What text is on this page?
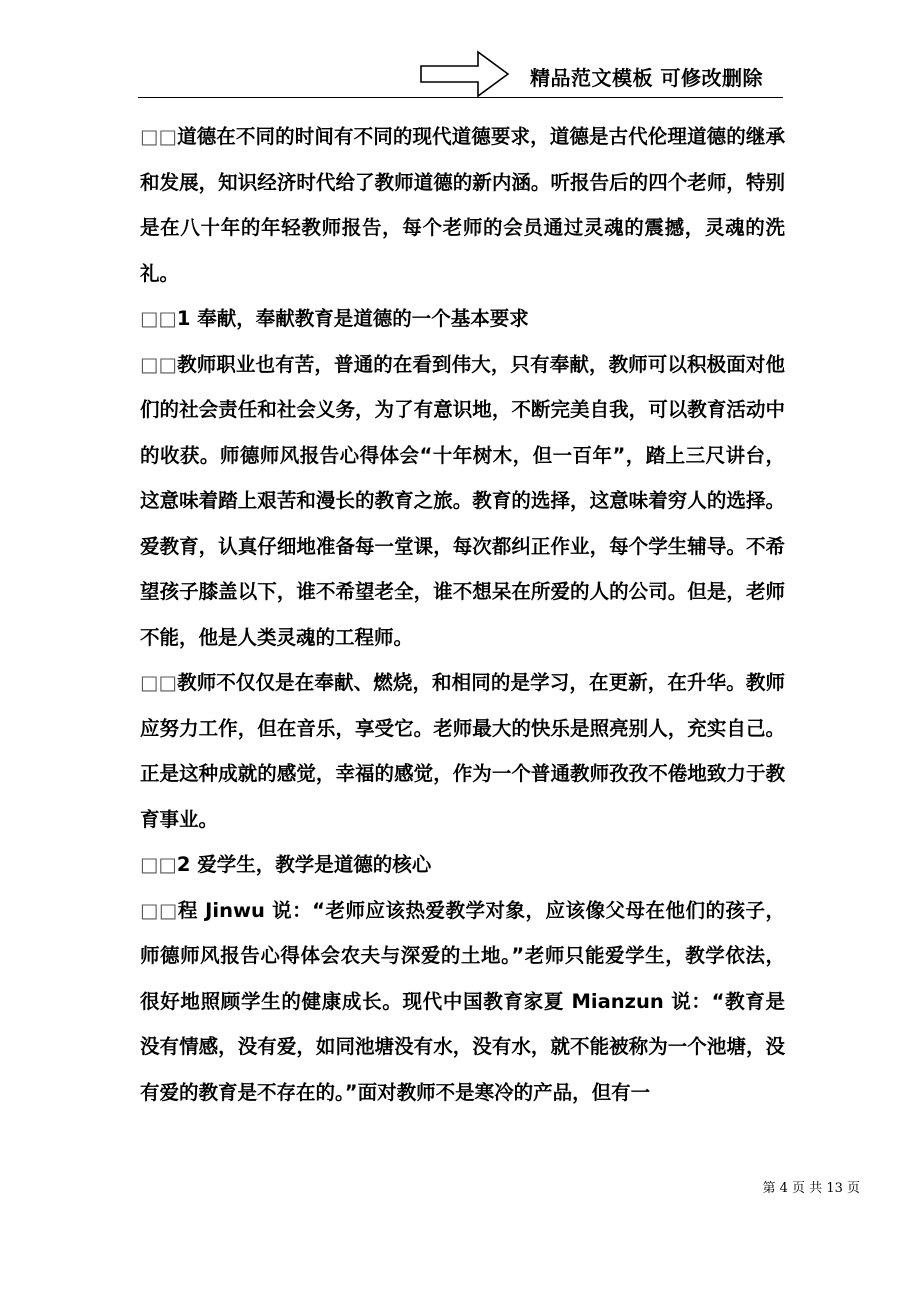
精品范文模板 可修改删除

□□道德在不同的时间有不同的现代道德要求，道德是古代伦理道德的继承和发展，知识经济时代给了教师道德的新内涵。听报告后的四个老师，特别是在八十年的年轻教师报告，每个老师的会员通过灵魂的震撼，灵魂的洗礼。

□□1 奉献，奉献教育是道德的一个基本要求

□□教师职业也有苦，普通的在看到伟大，只有奉献，教师可以积极面对他们的社会责任和社会义务，为了有意识地，不断完美自我，可以教育活动中的收获。师德师风报告心得体会“十年树木，但一百年”，踏上三尺讲台，这意味着踏上艰苦和漫长的教育之旅。教育的选择，这意味着穷人的选择。爱教育，认真仔细地准备每一堂课，每次都纠正作业，每个学生辅导。不希望孩子膝盖以下，谁不希望老全，谁不想呆在所爱的人的公司。但是，老师不能，他是人类灵魂的工程师。

□□教师不仅仅是在奉献、燃烧，和相同的是学习，在更新，在升华。教师应努力工作，但在音乐，享受它。老师最大的快乐是照亮别人，充实自己。正是这种成就的感觉，幸福的感觉，作为一个普通教师孜孜不倦地致力于教育事业。

□□2 爱学生，教学是道德的核心

□□程 Jinwu 说：“老师应该热爱教学对象，应该像父母在他们的孩子，师德师风报告心得体会农夫与深爱的土地。”老师只能爱学生，教学依法，很好地照顾学生的健康成长。现代中国教育家夏 Mianzun 说：“教育是没有情感，没有爱，如同池塘没有水，没有水，就不能被称为一个池塘，没有爱的教育是不存在的。”面对教师不是寒冷的产品，但有一

第 4 页 共 13 页
